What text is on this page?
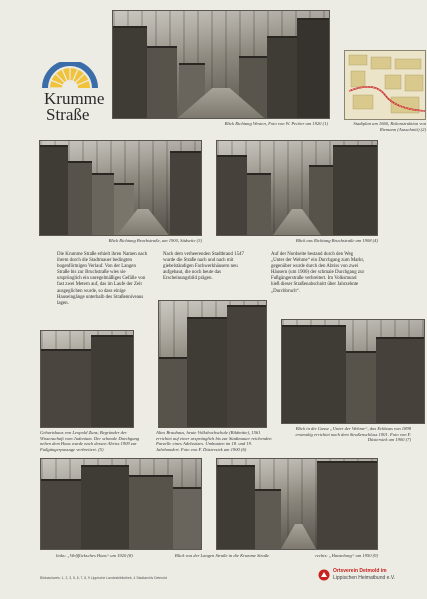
Krumme
Straße	Blick Richtung Westen, Foto von W. Pecher um 1920 (1)	Stadtplan um 1660, Rekonstruktion von Riemann (Ausschnitt) (2)
Blick Richtung Bruchstraße, um 1900, Südseite (3)	Blick aus Richtung Bruchstraße um 1908 (4)
Die Krumme Straße erhielt ihren Namen nach ihrem durch die Stadtmauer bedingten bogenförmigen Verlauf. Von der Langen Straße bis zur Bruchstraße wies sie ursprünglich ein unregelmäßiges Gefälle von fast zwei Metern auf, das im Laufe der Zeit ausgeglichen wurde, so dass einige Hauseingänge unterhalb des Straßenniveaus lagen.
Nach dem verheerenden Stadtbrand 1547 wurde die Straße nach und nach mit giebelständigen Fachwerkhäusern neu aufgebaut, die noch heute das Erscheinungsbild prägen.
Auf der Nordseite bestand durch den Weg „Unter der Wehme“ ein Durchgang zum Markt, gegenüber wurde durch den Abriss von zwei Häusern (um 1900) der schmale Durchgang zur Fußgängerstraße verbreitert. Im Volksmund hieß dieser Straßenabschnitt über Jahrzehnte „Durchbruch“.
Geburtshaus von Leopold Zunz, Begründer der Wissenschaft vom Judentum. Der schmale Durchgang neben dem Haus wurde nach dessen Abriss 1909 zur Fußgängerpassage verbreitert. (5)
Altes Brauhaus, heute Volkshochschule (Bildmitte), 1561 errichtet auf einer ursprünglich bis zur Stadtmauer reichenden Parzelle eines Adelssitzes. Umbauten im 18. und 19. Jahrhundert. Foto von F. Düstersiek um 1900 (6)
Blick in die Gasse „Unter der Wehme“, das Eckhaus von 1898 erstmalig errichtet nach dem Straßenschluss 1901. Foto von F. Düstersiek um 1900 (7)
links: „Welfflicksches Haus“ um 1920 (8)	Blick von der Langen Straße in die Krumme Straße	rechts: „Hanseburg“ um 1950 (9)
Bildnachweis: 1, 2, 3, 5, 6, 7, 8, 9 Lippische Landesbibliothek, 4 Stadtarchiv Detmold
Ortsverein Detmold im
Lippischen Heimatbund e.V.
